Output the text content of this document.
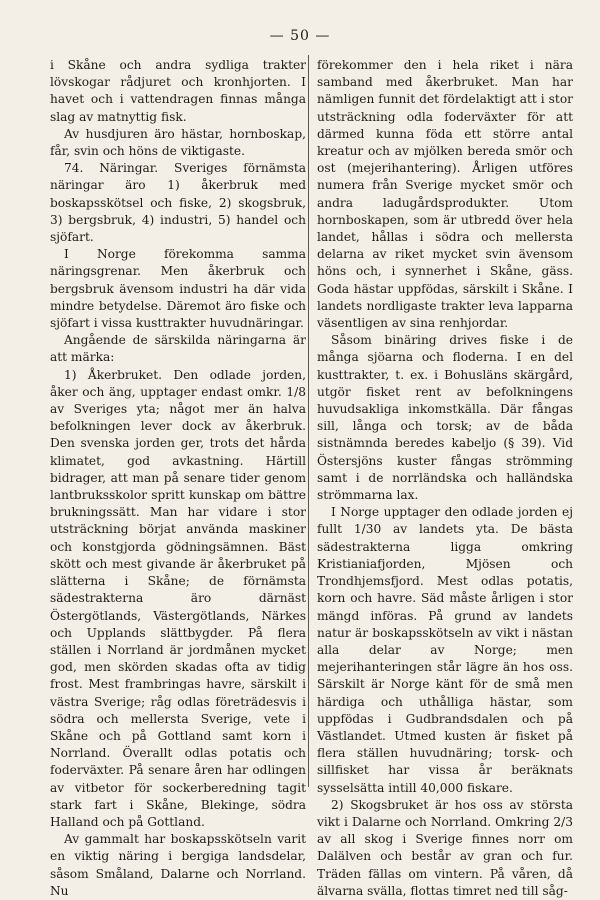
— 50 —

i Skåne och andra sydliga trakter lövskogar rådjuret och kronhjorten. I havet och i vattendragen finnas många slag av matnyttig fisk.

Av husdjuren äro hästar, hornboskap, får, svin och höns de viktigaste.

74. Näringar. Sveriges förnämsta näringar äro 1) åkerbruk med boskapsskötsel och fiske, 2) skogsbruk, 3) bergsbruk, 4) industri, 5) handel och sjöfart.

I Norge förekomma samma näringsgrenar. Men åkerbruk och bergsbruk ävensom industri ha där vida mindre betydelse. Däremot äro fiske och sjöfart i vissa kusttrakter huvudnäringar.

Angående de särskilda näringarna är att märka:

1) Åkerbruket. Den odlade jorden, åker och äng, upptager endast omkr. 1/8 av Sveriges yta; något mer än halva befolkningen lever dock av åkerbruk. Den svenska jorden ger, trots det hårda klimatet, god avkastning. Härtill bidrager, att man på senare tider genom lantbruksskolor spritt kunskap om bättre brukningssätt. Man har vidare i stor utsträckning börjat använda maskiner och konstgjorda gödningsämnen. Bäst skött och mest givande är åkerbruket på slätterna i Skåne; de förnämsta sädestrakterna äro därnäst Östergötlands, Västergötlands, Närkes och Upplands slättbygder. På flera ställen i Norrland är jordmånen mycket god, men skörden skadas ofta av tidig frost. Mest frambringas havre, särskilt i västra Sverige; råg odlas företrädesvis i södra och mellersta Sverige, vete i Skåne och på Gottland samt korn i Norrland. Överallt odlas potatis och foderväxter. På senare åren har odlingen av vitbetor för sockerberedning tagit stark fart i Skåne, Blekinge, södra Halland och på Gottland.

Av gammalt har boskapsskötseln varit en viktig näring i bergiga landsdelar, såsom Småland, Dalarne och Norrland. Nu

förekommer den i hela riket i nära samband med åkerbruket. Man har nämligen funnit det fördelaktigt att i stor utsträckning odla foderväxter för att därmed kunna föda ett större antal kreatur och av mjölken bereda smör och ost (mejerihantering). Årligen utföres numera från Sverige mycket smör och andra ladugårdsprodukter. Utom hornboskapen, som är utbredd över hela landet, hållas i södra och mellersta delarna av riket mycket svin ävensom höns och, i synnerhet i Skåne, gäss. Goda hästar uppfödas, särskilt i Skåne. I landets nordligaste trakter leva lapparna väsentligen av sina renhjordar.

Såsom binäring drives fiske i de många sjöarna och floderna. I en del kusttrakter, t. ex. i Bohusläns skärgård, utgör fisket rent av befolkningens huvudsakliga inkomstkälla. Där fångas sill, långa och torsk; av de båda sistnämnda beredes kabeljo (§ 39). Vid Östersjöns kuster fångas strömming samt i de norrländska och halländska strömmarna lax.

I Norge upptager den odlade jorden ej fullt 1/30 av landets yta. De bästa sädestrakterna ligga omkring Kristianiafjorden, Mjösen och Trondhjemsfjord. Mest odlas potatis, korn och havre. Säd måste årligen i stor mängd införas. På grund av landets natur är boskapsskötseln av vikt i nästan alla delar av Norge; men mejerihanteringen står lägre än hos oss. Särskilt är Norge känt för de små men härdiga och uthålliga hästar, som uppfödas i Gudbrandsdalen och på Västlandet. Utmed kusten är fisket på flera ställen huvudnäring; torsk- och sillfisket har vissa år beräknats sysselsätta intill 40,000 fiskare.

2) Skogsbruket är hos oss av största vikt i Dalarne och Norrland. Omkring 2/3 av all skog i Sverige finnes norr om Dalälven och består av gran och fur. Träden fällas om vintern. På våren, då älvarna svälla, flottas timret ned till såg-
